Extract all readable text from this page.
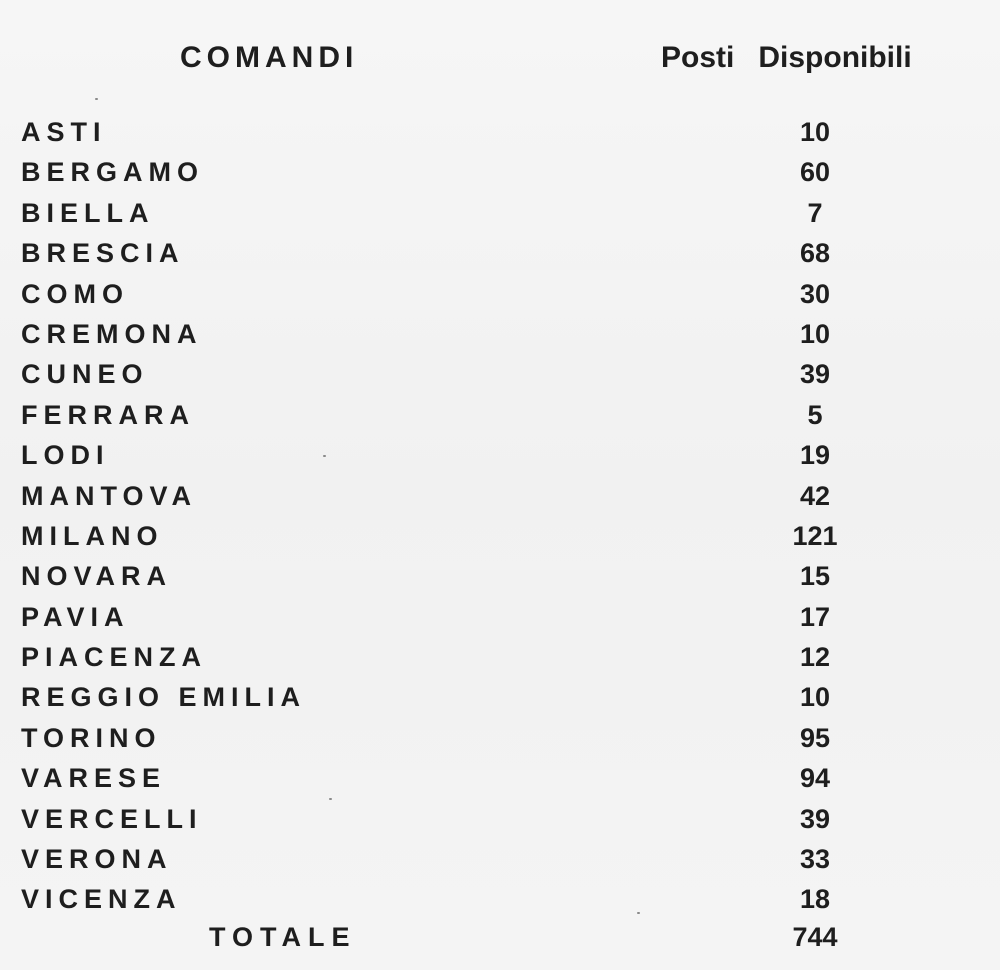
COMANDI	Posti Disponibili
ASTI	10
BERGAMO	60
BIELLA	7
BRESCIA	68
COMO	30
CREMONA	10
CUNEO	39
FERRARA	5
LODI	19
MANTOVA	42
MILANO	121
NOVARA	15
PAVIA	17
PIACENZA	12
REGGIO EMILIA	10
TORINO	95
VARESE	94
VERCELLI	39
VERONA	33
VICENZA	18
TOTALE	744
